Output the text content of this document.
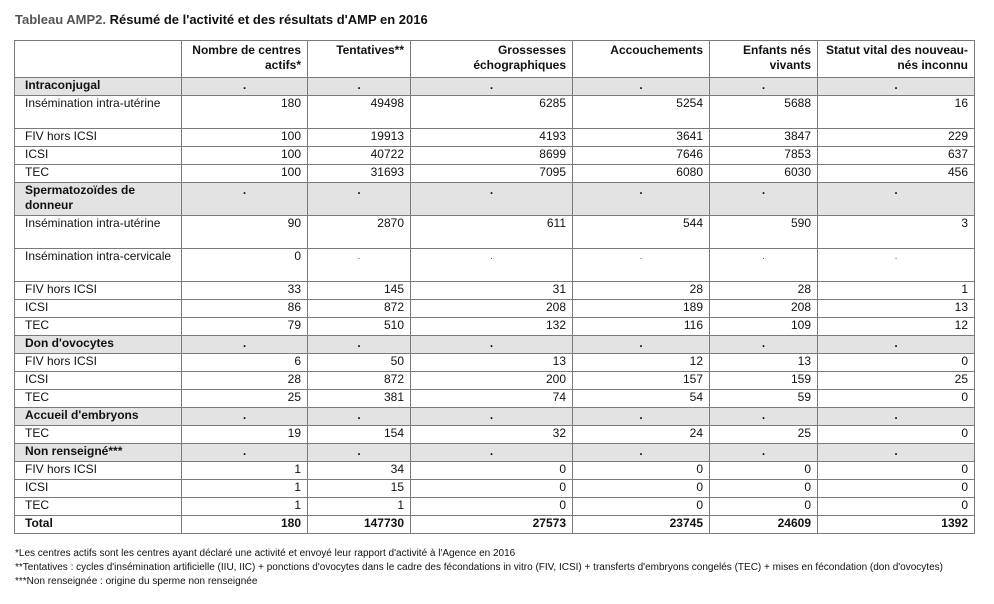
Tableau AMP2. Résumé de l'activité et des résultats d'AMP en 2016
	Nombre de centres actifs*	Tentatives**	Grossesses échographiques	Accouchements	Enfants nés vivants	Statut vital des nouveau-nés inconnu
Intraconjugal	.	.	.	.	.	.
Insémination intra-utérine	180	49498	6285	5254	5688	16
FIV hors ICSI	100	19913	4193	3641	3847	229
ICSI	100	40722	8699	7646	7853	637
TEC	100	31693	7095	6080	6030	456
Spermatozoïdes de donneur	.	.	.	.	.	.
Insémination intra-utérine	90	2870	611	544	590	3
Insémination intra-cervicale	0	.	.	.	.	.
FIV hors ICSI	33	145	31	28	28	1
ICSI	86	872	208	189	208	13
TEC	79	510	132	116	109	12
Don d'ovocytes	.	.	.	.	.	.
FIV hors ICSI	6	50	13	12	13	0
ICSI	28	872	200	157	159	25
TEC	25	381	74	54	59	0
Accueil d'embryons	.	.	.	.	.	.
TEC	19	154	32	24	25	0
Non renseigné***	.	.	.	.	.	.
FIV hors ICSI	1	34	0	0	0	0
ICSI	1	15	0	0	0	0
TEC	1	1	0	0	0	0
Total	180	147730	27573	23745	24609	1392
*Les centres actifs sont les centres ayant déclaré une activité et envoyé leur rapport d'activité à l'Agence en 2016
**Tentatives : cycles d'insémination artificielle (IIU, IIC) + ponctions d'ovocytes dans le cadre des fécondations in vitro (FIV, ICSI) + transferts d'embryons congelés (TEC) + mises en fécondation (don d'ovocytes)
***Non renseignée : origine du sperme non renseignée
